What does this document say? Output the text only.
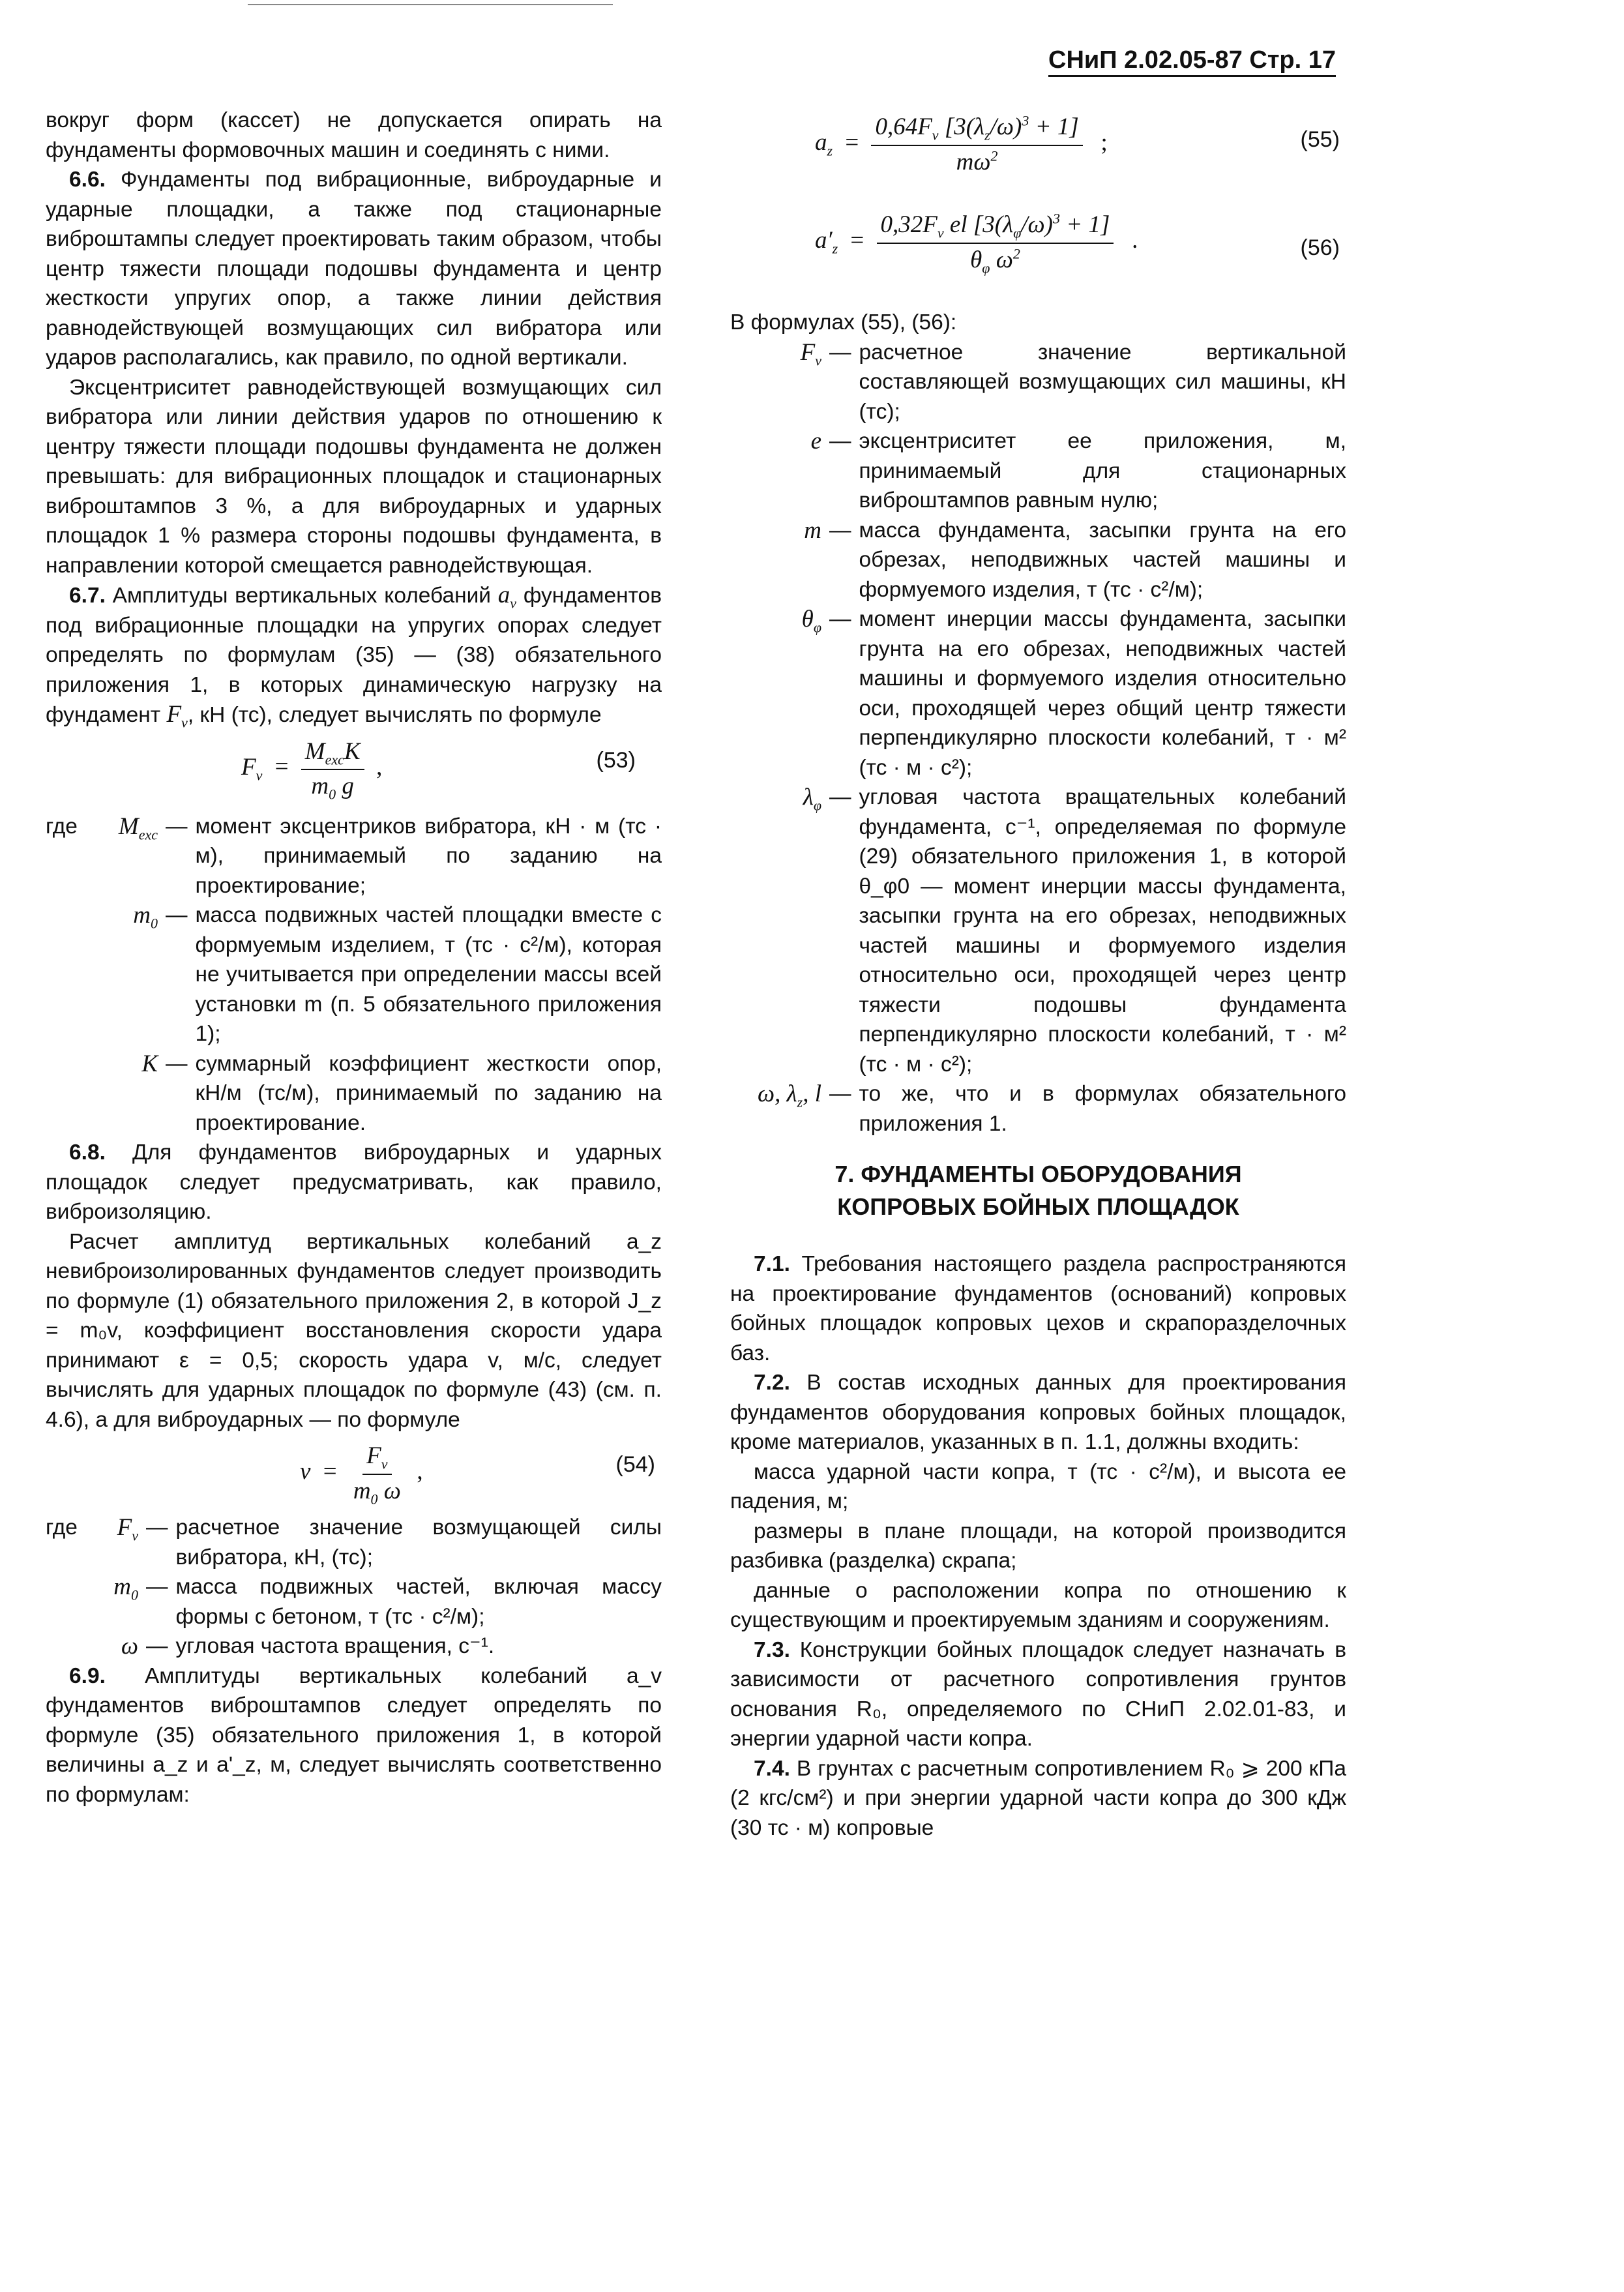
СНиП 2.02.05-87 Стр. 17

вокруг форм (кассет) не допускается опирать на фундаменты формовочных машин и соединять с ними.

6.6. Фундаменты под вибрационные, виброударные и ударные площадки, а также под стационарные виброштампы следует проектировать таким образом, чтобы центр тяжести площади подошвы фундамента и центр жесткости упругих опор, а также линии действия равнодействующей возмущающих сил вибратора или ударов располагались, как правило, по одной вертикали.

Эксцентриситет равнодействующей возмущающих сил вибратора или линии действия ударов по отношению к центру тяжести площади подошвы фундамента не должен превышать: для вибрационных площадок и стационарных виброштампов 3 %, а для виброударных и ударных площадок 1 % размера стороны подошвы фундамента, в направлении которой смещается равнодействующая.

6.7. Амплитуды вертикальных колебаний $a_v$ фундаментов под вибрационные площадки на упругих опорах следует определять по формулам (35) — (38) обязательного приложения 1, в которых динамическую нагрузку на фундамент $F_v$, кН (тс), следует вычислять по формуле

$F_v = \frac{M_{exc}K}{m_0 g}$ ,	(53)
где	$M_{exc}$ — момент эксцентриков вибратора, кН · м (тс · м), принимаемый по заданию на проектирование;
$m_0$ — масса подвижных частей площадки вместе с формуемым изделием, т (тс · с²/м), которая не учитывается при определении массы всей установки m (п. 5 обязательного приложения 1);
K — суммарный коэффициент жесткости опор, кН/м (тс/м), принимаемый по заданию на проектирование.

6.8. Для фундаментов виброударных и ударных площадок следует предусматривать, как правило, виброизоляцию.

Расчет амплитуд вертикальных колебаний a_z невиброизолированных фундаментов следует производить по формуле (1) обязательного приложения 2, в которой J_z = m₀v, коэффициент восстановления скорости удара принимают ε = 0,5; скорость удара v, м/с, следует вычислять для ударных площадок по формуле (43) (см. п. 4.6), а для виброударных — по формуле

$v = \frac{F_v}{m_0 \omega}$ ,	(54)
где	$F_v$ — расчетное значение возмущающей силы вибратора, кН, (тс);
$m_0$ — масса подвижных частей, включая массу формы с бетоном, т (тс · с²/м);
ω — угловая частота вращения, с⁻¹.

6.9. Амплитуды вертикальных колебаний a_v фундаментов виброштампов следует определять по формуле (35) обязательного приложения 1, в которой величины a_z и a'_z, м, следует вычислять соответственно по формулам:

$a_z = \frac{0,64F_v [3(\lambda_z/\omega)^3 + 1]}{m\omega^2}$ ;	(55)
$a'_z = \frac{0,32F_v el [3(\lambda_\varphi/\omega)^3 + 1]}{\theta_\varphi \omega^2}$ .	(56)

В формулах (55), (56):

$F_v$ — расчетное значение вертикальной составляющей возмущающих сил машины, кН (тс);
e — эксцентриситет ее приложения, м, принимаемый для стационарных виброштампов равным нулю;
m — масса фундамента, засыпки грунта на его обрезах, неподвижных частей машины и формуемого изделия, т (тс · с²/м);
$\theta_\varphi$ — момент инерции массы фундамента, засыпки грунта на его обрезах, неподвижных частей машины и формуемого изделия относительно оси, проходящей через общий центр тяжести перпендикулярно плоскости колебаний, т · м² (тс · м · с²);
$\lambda_\varphi$ — угловая частота вращательных колебаний фундамента, с⁻¹, определяемая по формуле (29) обязательного приложения 1, в которой θ_φ0 — момент инерции массы фундамента, засыпки грунта на его обрезах, неподвижных частей машины и формуемого изделия относительно оси, проходящей через центр тяжести подошвы фундамента перпендикулярно плоскости колебаний, т · м² (тс · м · с²);
ω, $\lambda_z$, l — то же, что и в формулах обязательного приложения 1.
7. ФУНДАМЕНТЫ ОБОРУДОВАНИЯ
КОПРОВЫХ БОЙНЫХ ПЛОЩАДОК

7.1. Требования настоящего раздела распространяются на проектирование фундаментов (оснований) копровых бойных площадок копровых цехов и скрапоразделочных баз.

7.2. В состав исходных данных для проектирования фундаментов оборудования копровых бойных площадок, кроме материалов, указанных в п. 1.1, должны входить:

масса ударной части копра, т (тс · с²/м), и высота ее падения, м;

размеры в плане площади, на которой производится разбивка (разделка) скрапа;

данные о расположении копра по отношению к существующим и проектируемым зданиям и сооружениям.

7.3. Конструкции бойных площадок следует назначать в зависимости от расчетного сопротивления грунтов основания R₀, определяемого по СНиП 2.02.01-83, и энергии ударной части копра.

7.4. В грунтах с расчетным сопротивлением R₀ ⩾ 200 кПа (2 кгс/см²) и при энергии ударной части копра до 300 кДж (30 тс · м) копровые
